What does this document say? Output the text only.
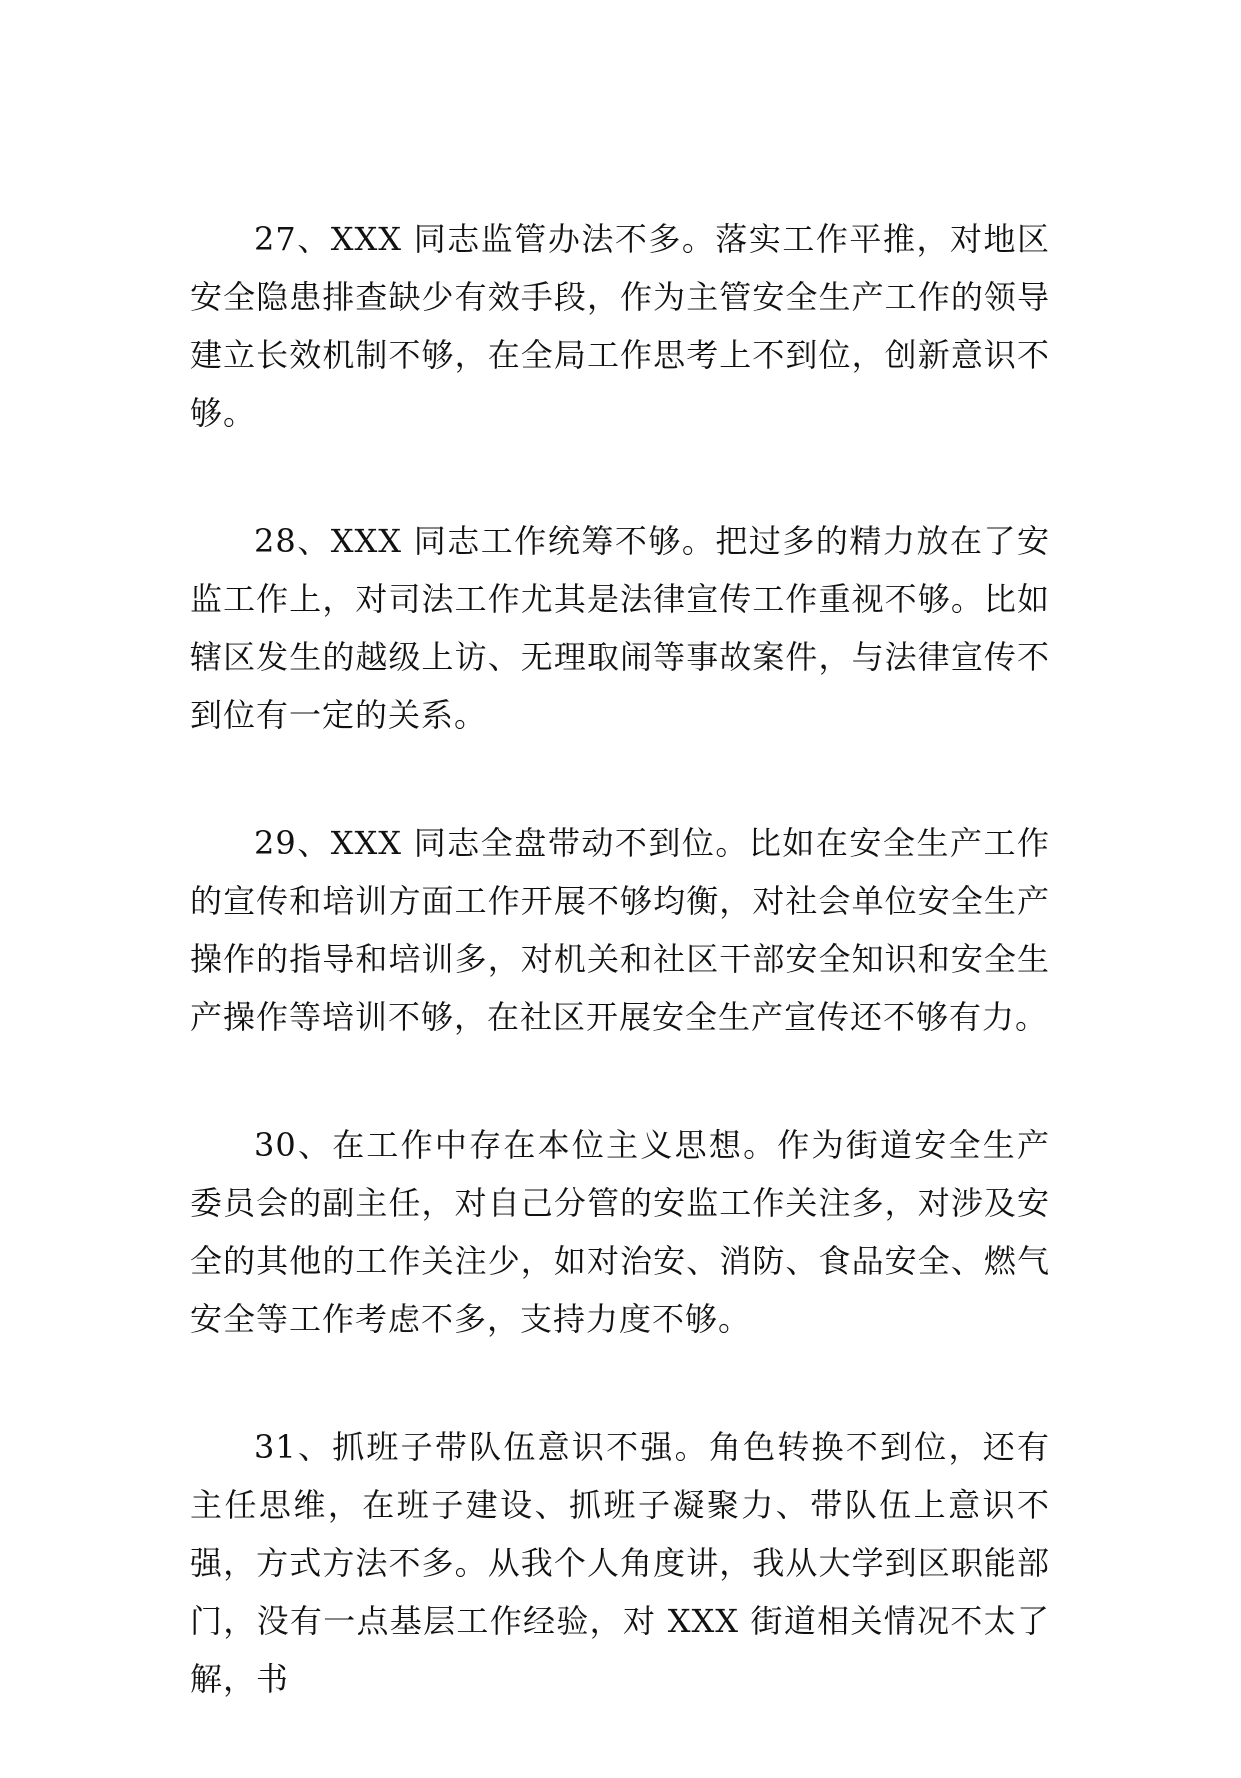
27、XXX 同志监管办法不多。落实工作平推，对地区安全隐患排查缺少有效手段，作为主管安全生产工作的领导建立长效机制不够，在全局工作思考上不到位，创新意识不够。

28、XXX 同志工作统筹不够。把过多的精力放在了安监工作上，对司法工作尤其是法律宣传工作重视不够。比如辖区发生的越级上访、无理取闹等事故案件，与法律宣传不到位有一定的关系。

29、XXX 同志全盘带动不到位。比如在安全生产工作的宣传和培训方面工作开展不够均衡，对社会单位安全生产操作的指导和培训多，对机关和社区干部安全知识和安全生产操作等培训不够，在社区开展安全生产宣传还不够有力。

30、在工作中存在本位主义思想。作为街道安全生产委员会的副主任，对自己分管的安监工作关注多，对涉及安全的其他的工作关注少，如对治安、消防、食品安全、燃气安全等工作考虑不多，支持力度不够。

31、抓班子带队伍意识不强。角色转换不到位，还有主任思维，在班子建设、抓班子凝聚力、带队伍上意识不强，方式方法不多。从我个人角度讲，我从大学到区职能部门，没有一点基层工作经验，对 XXX 街道相关情况不太了解，书
